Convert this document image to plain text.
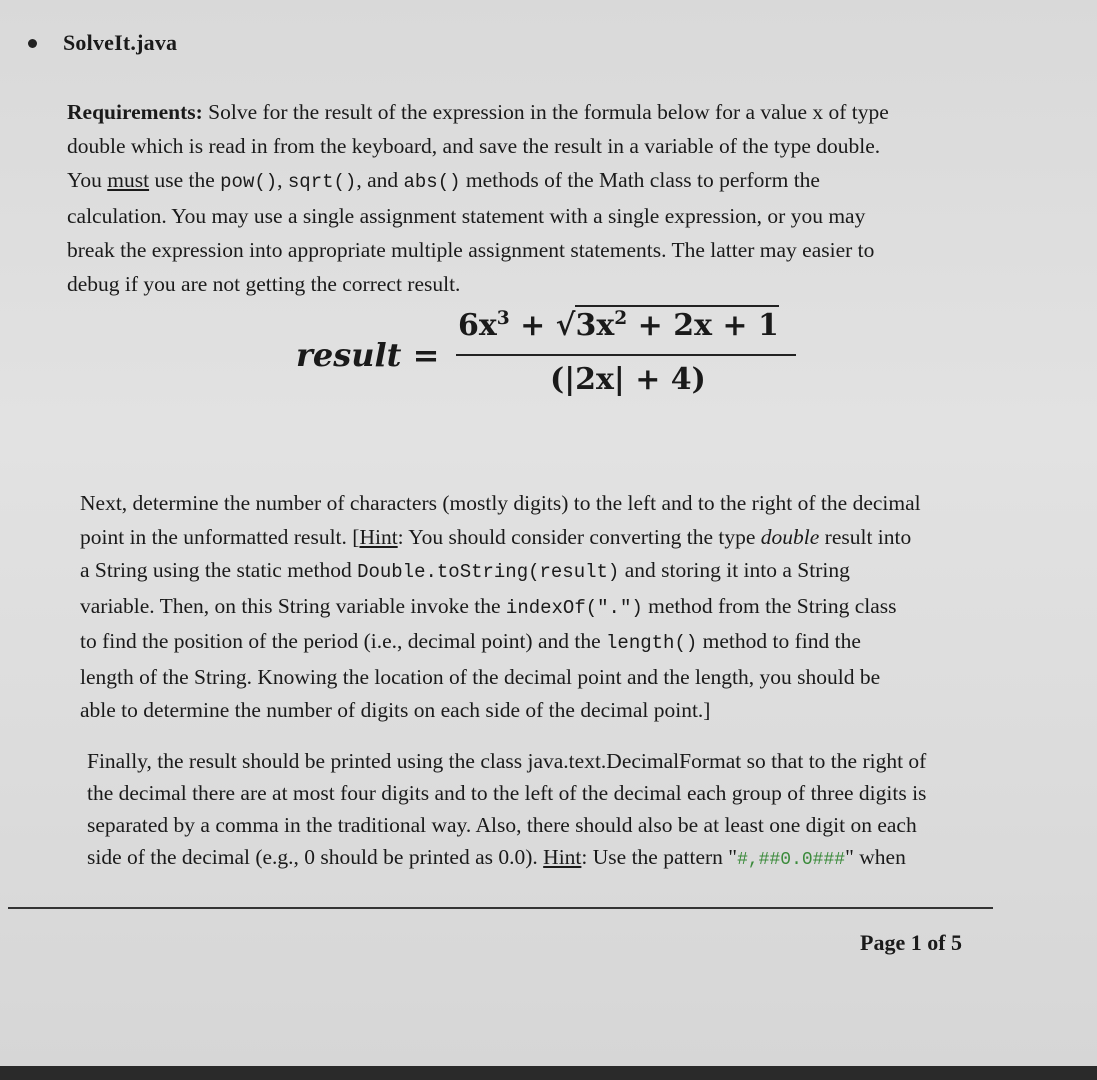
SolveIt.java
Requirements: Solve for the result of the expression in the formula below for a value x of type
double which is read in from the keyboard, and save the result in a variable of the type double.
You must use the pow(), sqrt(), and abs() methods of the Math class to perform the
calculation. You may use a single assignment statement with a single expression, or you may
break the expression into appropriate multiple assignment statements. The latter may easier to
debug if you are not getting the correct result.
result =
$6x^3 + √3x^2 + 2x + 1$
(|2x| + 4)
Next, determine the number of characters (mostly digits) to the left and to the right of the decimal
point in the unformatted result. [Hint: You should consider converting the type double result into
a String using the static method Double.toString(result) and storing it into a String
variable. Then, on this String variable invoke the indexOf(".") method from the String class
to find the position of the period (i.e., decimal point) and the length() method to find the
length of the String. Knowing the location of the decimal point and the length, you should be
able to determine the number of digits on each side of the decimal point.]
Finally, the result should be printed using the class java.text.DecimalFormat so that to the right of
the decimal there are at most four digits and to the left of the decimal each group of three digits is
separated by a comma in the traditional way. Also, there should also be at least one digit on each
side of the decimal (e.g., 0 should be printed as 0.0). Hint: Use the pattern "#,##0.0###" when
Page 1 of 5
